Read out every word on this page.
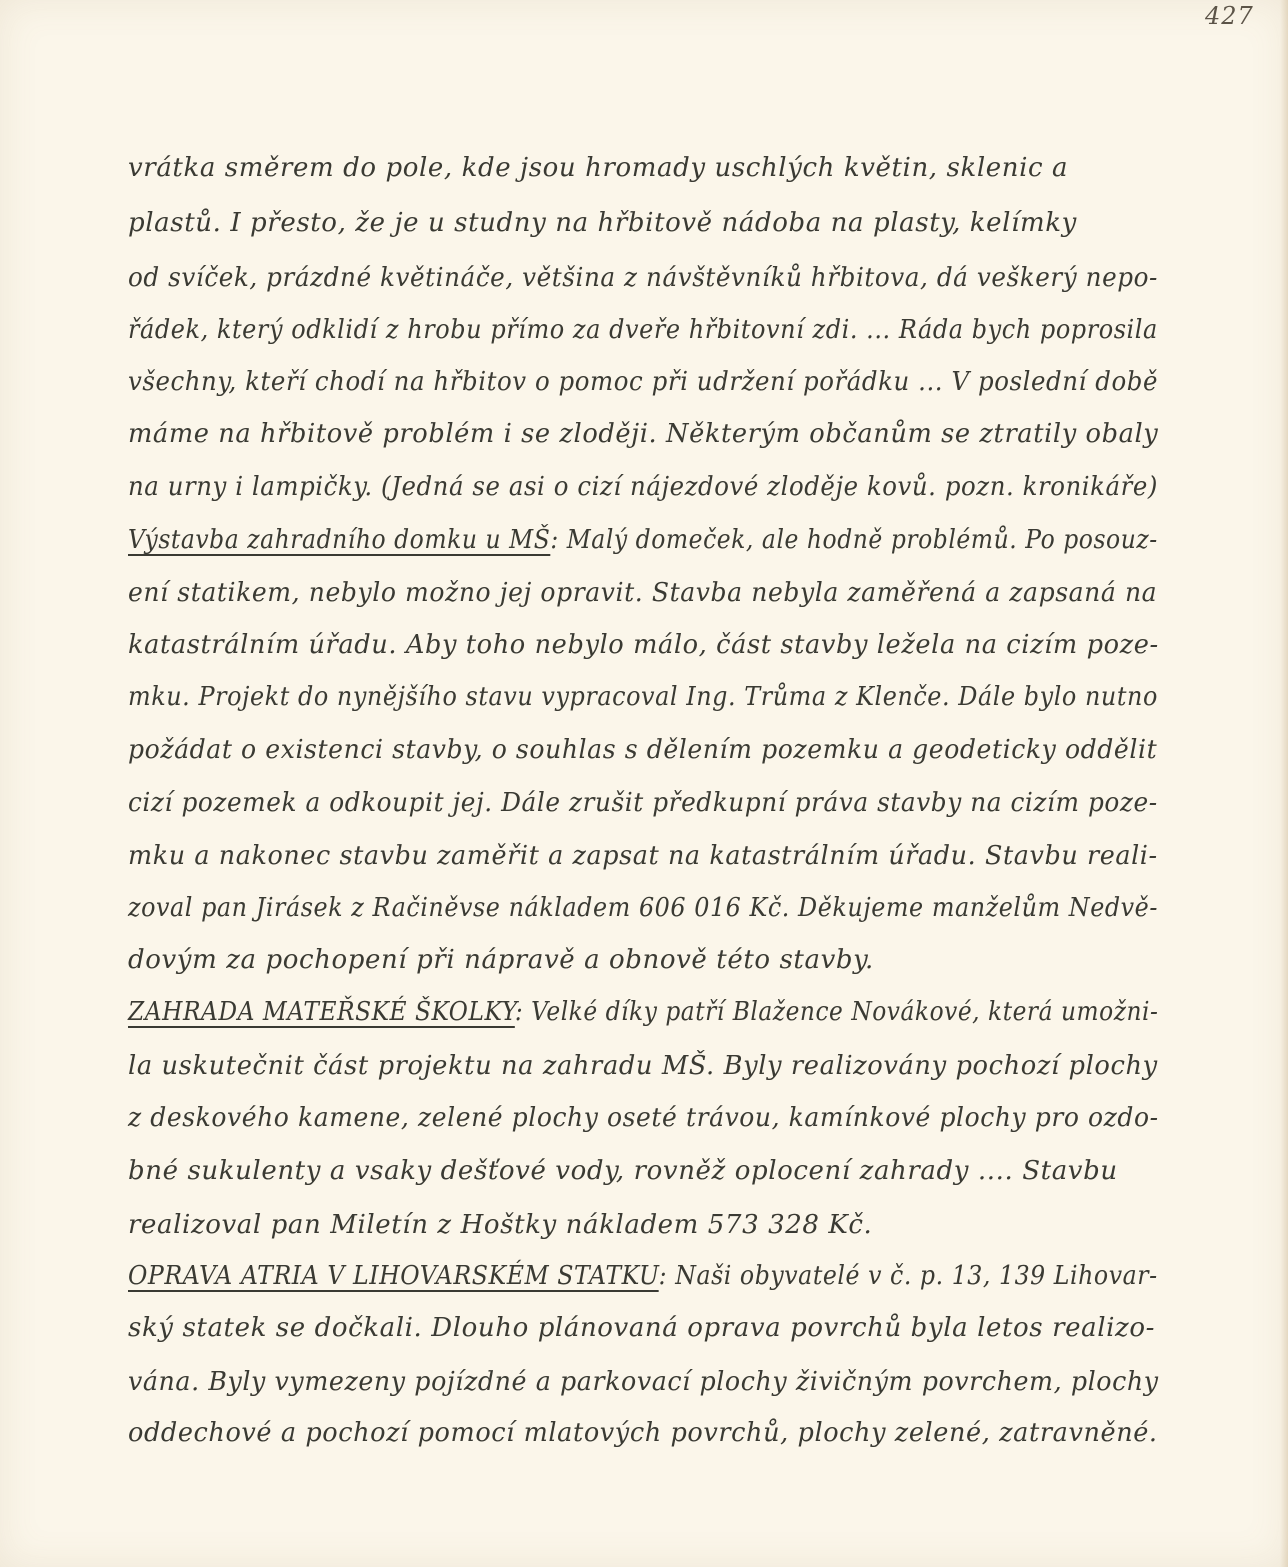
427
vrátka směrem do pole, kde jsou hromady uschlých květin, sklenic a
plastů. I přesto, že je u studny na hřbitově nádoba na plasty, kelímky
od svíček, prázdné květináče, většina z návštěvníků hřbitova, dá veškerý nepo-
řádek, který odklidí z hrobu přímo za dveře hřbitovní zdi. ... Ráda bych poprosila
všechny, kteří chodí na hřbitov o pomoc při udržení pořádku ... V poslední době
máme na hřbitově problém i se zloději. Některým občanům se ztratily obaly
na urny i lampičky. (Jedná se asi o cizí nájezdové zloděje kovů. pozn. kronikáře)
Výstavba zahradního domku u MŠ: Malý domeček, ale hodně problémů. Po posouz-
ení statikem, nebylo možno jej opravit. Stavba nebyla zaměřená a zapsaná na
katastrálním úřadu. Aby toho nebylo málo, část stavby ležela na cizím poze-
mku. Projekt do nynějšího stavu vypracoval Ing. Trůma z Klenče. Dále bylo nutno
požádat o existenci stavby, o souhlas s dělením pozemku a geodeticky oddělit
cizí pozemek a odkoupit jej. Dále zrušit předkupní práva stavby na cizím poze-
mku a nakonec stavbu zaměřit a zapsat na katastrálním úřadu. Stavbu reali-
zoval pan Jirásek z Račiněvse nákladem 606 016 Kč. Děkujeme manželům Nedvě-
dovým za pochopení při nápravě a obnově této stavby.
ZAHRADA MATEŘSKÉ ŠKOLKY: Velké díky patří Blažence Novákové, která umožni-
la uskutečnit část projektu na zahradu MŠ. Byly realizovány pochozí plochy
z deskového kamene, zelené plochy oseté trávou, kamínkové plochy pro ozdo-
bné sukulenty a vsaky dešťové vody, rovněž oplocení zahrady .... Stavbu
realizoval pan Miletín z Hoštky nákladem 573 328 Kč.
OPRAVA ATRIA V LIHOVARSKÉM STATKU: Naši obyvatelé v č. p. 13, 139 Lihovar-
ský statek se dočkali. Dlouho plánovaná oprava povrchů byla letos realizo-
vána. Byly vymezeny pojízdné a parkovací plochy živičným povrchem, plochy
oddechové a pochozí pomocí mlatových povrchů, plochy zelené, zatravněné.
